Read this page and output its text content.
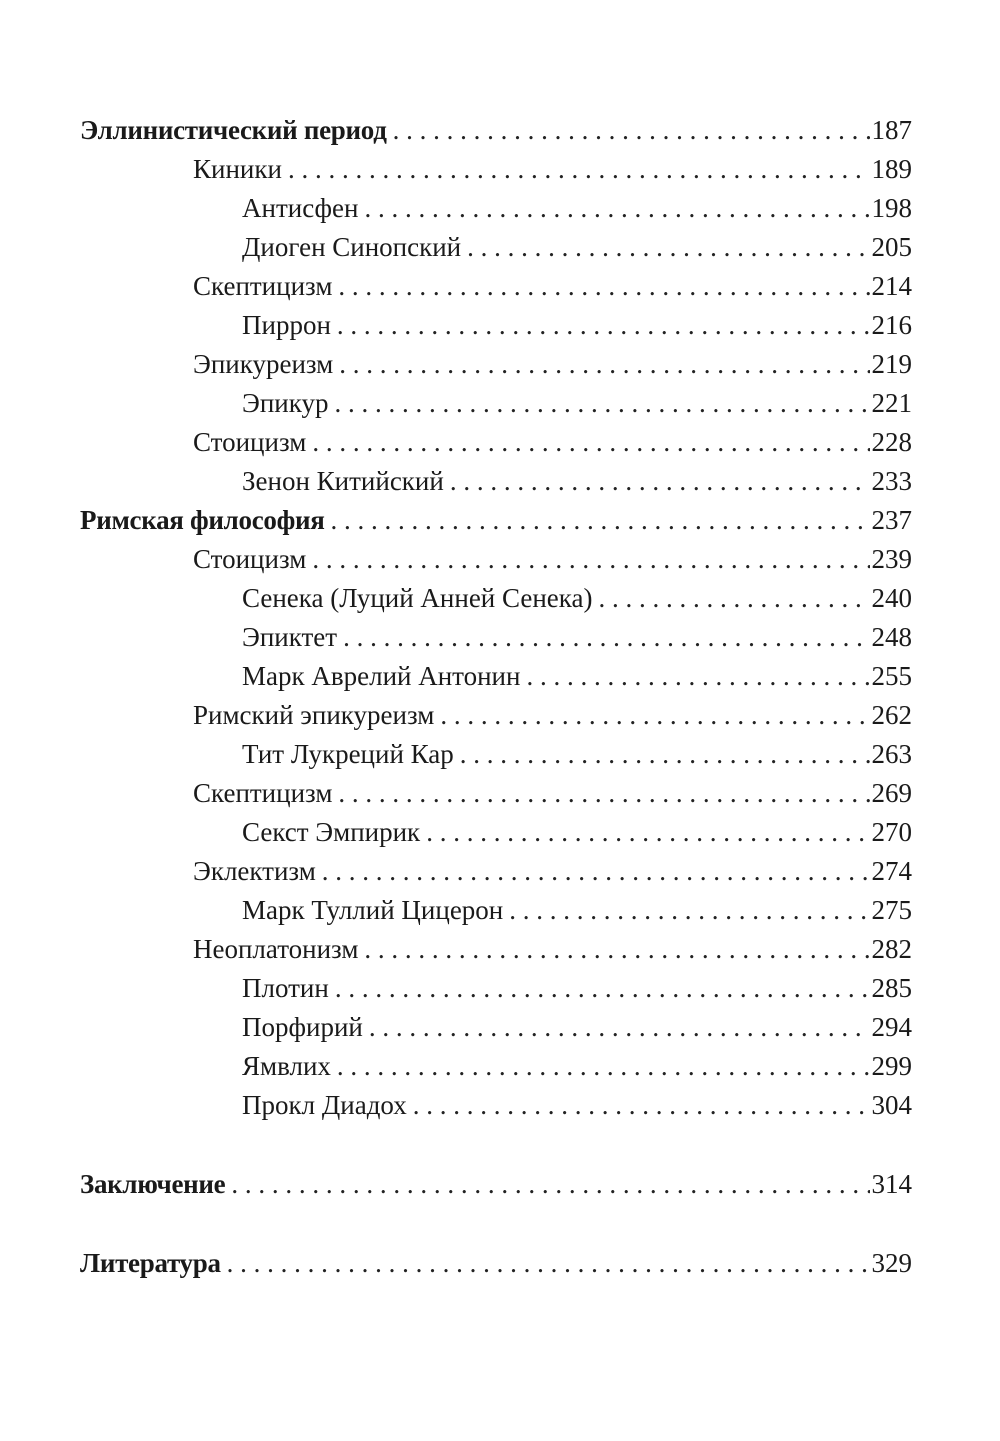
Эллинистический период . . .	187
Киники . . .	189
Антисфен . . .	198
Диоген Синопский . . .	205
Скептицизм . . .	214
Пиррон . . .	216
Эпикуреизм . . .	219
Эпикур . . .	221
Стоицизм . . .	228
Зенон Китийский . . .	233
Римская философия . . .	237
Стоицизм . . .	239
Сенека (Луций Анней Сенека) . . .	240
Эпиктет . . .	248
Марк Аврелий Антонин . . .	255
Римский эпикуреизм . . .	262
Тит Лукреций Кар . . .	263
Скептицизм . . .	269
Секст Эмпирик . . .	270
Эклектизм . . .	274
Марк Туллий Цицерон . . .	275
Неоплатонизм . . .	282
Плотин . . .	285
Порфирий . . .	294
Ямвлих . . .	299
Прокл Диадох . . .	304
Заключение . . .	314
Литература . . .	329
